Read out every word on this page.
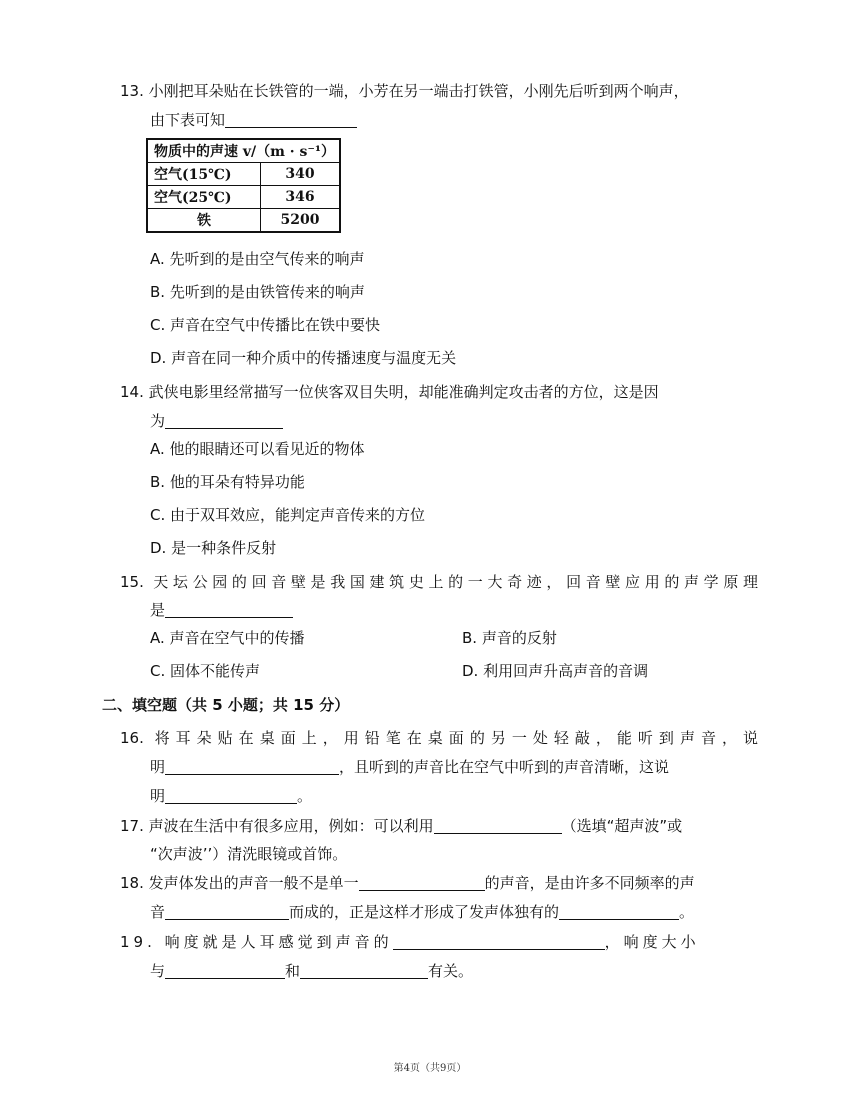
13. 小刚把耳朵贴在长铁管的一端，小芳在另一端击打铁管，小刚先后听到两个响声，
由下表可知
物质中的声速 v/（m · s⁻¹）	
空气(15℃)	340
空气(25℃)	346
铁	5200
A. 先听到的是由空气传来的响声
B. 先听到的是由铁管传来的响声
C. 声音在空气中传播比在铁中要快
D. 声音在同一种介质中的传播速度与温度无关
14. 武侠电影里经常描写一位侠客双目失明，却能准确判定攻击者的方位，这是因
为
A. 他的眼睛还可以看见近的物体
B. 他的耳朵有特异功能
C. 由于双耳效应，能判定声音传来的方位
D. 是一种条件反射
15. 天坛公园的回音壁是我国建筑史上的一大奇迹，回音壁应用的声学原理
是
A. 声音在空气中的传播	B. 声音的反射
C. 固体不能传声	D. 利用回声升高声音的音调
二、填空题（共 5 小题；共 15 分）
16. 将耳朵贴在桌面上，用铅笔在桌面的另一处轻敲，能听到声音，说
明	，且听到的声音比在空气中听到的声音清晰，这说
明	。
17. 声波在生活中有很多应用，例如：可以利用	（选填“超声波”或
“次声波’’）清洗眼镜或首饰。
18. 发声体发出的声音一般不是单一	的声音，是由许多不同频率的声
音	而成的，正是这样才形成了发声体独有的	。
19. 响度就是人耳感觉到声音的	，响度大小
与	和	有关。
第4页（共9页）
